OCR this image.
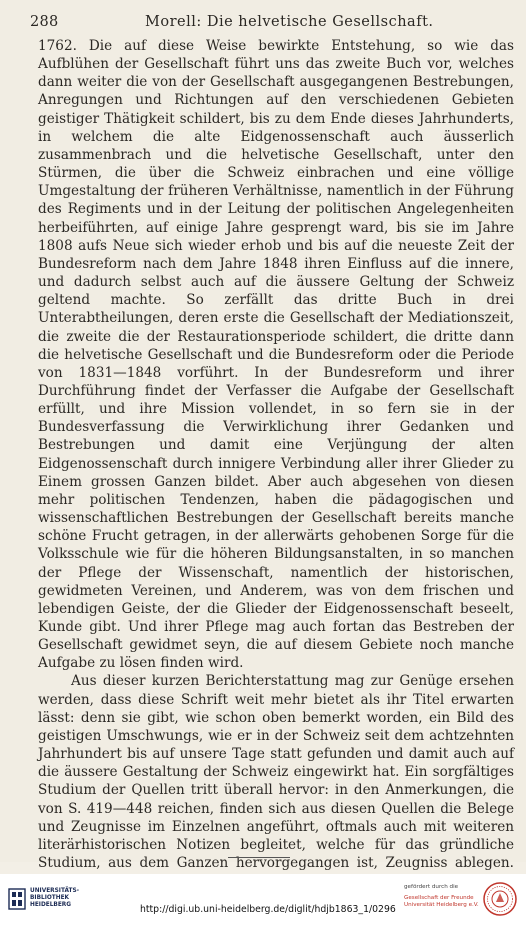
288	Morell: Die helvetische Gesellschaft.

1762. Die auf diese Weise bewirkte Entstehung, so wie das Aufblühen der Gesellschaft führt uns das zweite Buch vor, welches dann weiter die von der Gesellschaft ausgegangenen Bestrebungen, Anregungen und Richtungen auf den verschiedenen Gebieten geistiger Thätigkeit schildert, bis zu dem Ende dieses Jahrhunderts, in welchem die alte Eidgenossenschaft auch äusserlich zusammenbrach und die helvetische Gesellschaft, unter den Stürmen, die über die Schweiz einbrachen und eine völlige Umgestaltung der früheren Verhältnisse, namentlich in der Führung des Regiments und in der Leitung der politischen Angelegenheiten herbeiführten, auf einige Jahre gesprengt ward, bis sie im Jahre 1808 aufs Neue sich wieder erhob und bis auf die neueste Zeit der Bundesreform nach dem Jahre 1848 ihren Einfluss auf die innere, und dadurch selbst auch auf die äussere Geltung der Schweiz geltend machte. So zerfällt das dritte Buch in drei Unterabtheilungen, deren erste die Gesellschaft der Mediationszeit, die zweite die der Restaurationsperiode schildert, die dritte dann die helvetische Gesellschaft und die Bundesreform oder die Periode von 1831—1848 vorführt. In der Bundesreform und ihrer Durchführung findet der Verfasser die Aufgabe der Gesellschaft erfüllt, und ihre Mission vollendet, in so fern sie in der Bundesverfassung die Verwirklichung ihrer Gedanken und Bestrebungen und damit eine Verjüngung der alten Eidgenossenschaft durch innigere Verbindung aller ihrer Glieder zu Einem grossen Ganzen bildet. Aber auch abgesehen von diesen mehr politischen Tendenzen, haben die pädagogischen und wissenschaftlichen Bestrebungen der Gesellschaft bereits manche schöne Frucht getragen, in der allerwärts gehobenen Sorge für die Volksschule wie für die höheren Bildungsanstalten, in so manchen der Pflege der Wissenschaft, namentlich der historischen, gewidmeten Vereinen, und Anderem, was von dem frischen und lebendigen Geiste, der die Glieder der Eidgenossenschaft beseelt, Kunde gibt. Und ihrer Pflege mag auch fortan das Bestreben der Gesellschaft gewidmet seyn, die auf diesem Gebiete noch manche Aufgabe zu lösen finden wird.

Aus dieser kurzen Berichterstattung mag zur Genüge ersehen werden, dass diese Schrift weit mehr bietet als ihr Titel erwarten lässt: denn sie gibt, wie schon oben bemerkt worden, ein Bild des geistigen Umschwungs, wie er in der Schweiz seit dem achtzehnten Jahrhundert bis auf unsere Tage statt gefunden und damit auch auf die äussere Gestaltung der Schweiz eingewirkt hat. Ein sorgfältiges Studium der Quellen tritt überall hervor: in den Anmerkungen, die von S. 419—448 reichen, finden sich aus diesen Quellen die Belege und Zeugnisse im Einzelnen angeführt, oftmals auch mit weiteren literärhistorischen Notizen begleitet, welche für das gründliche Studium, aus dem Ganzen hervorgegangen ist, Zeugniss ablegen.

UNIVERSITÄTS-
BIBLIOTHEK
HEIDELBERG	http://digi.ub.uni-heidelberg.de/diglit/hdjb1863_1/0296
gefördert durch die
Gesellschaft der Freunde
Universität Heidelberg e.V.
